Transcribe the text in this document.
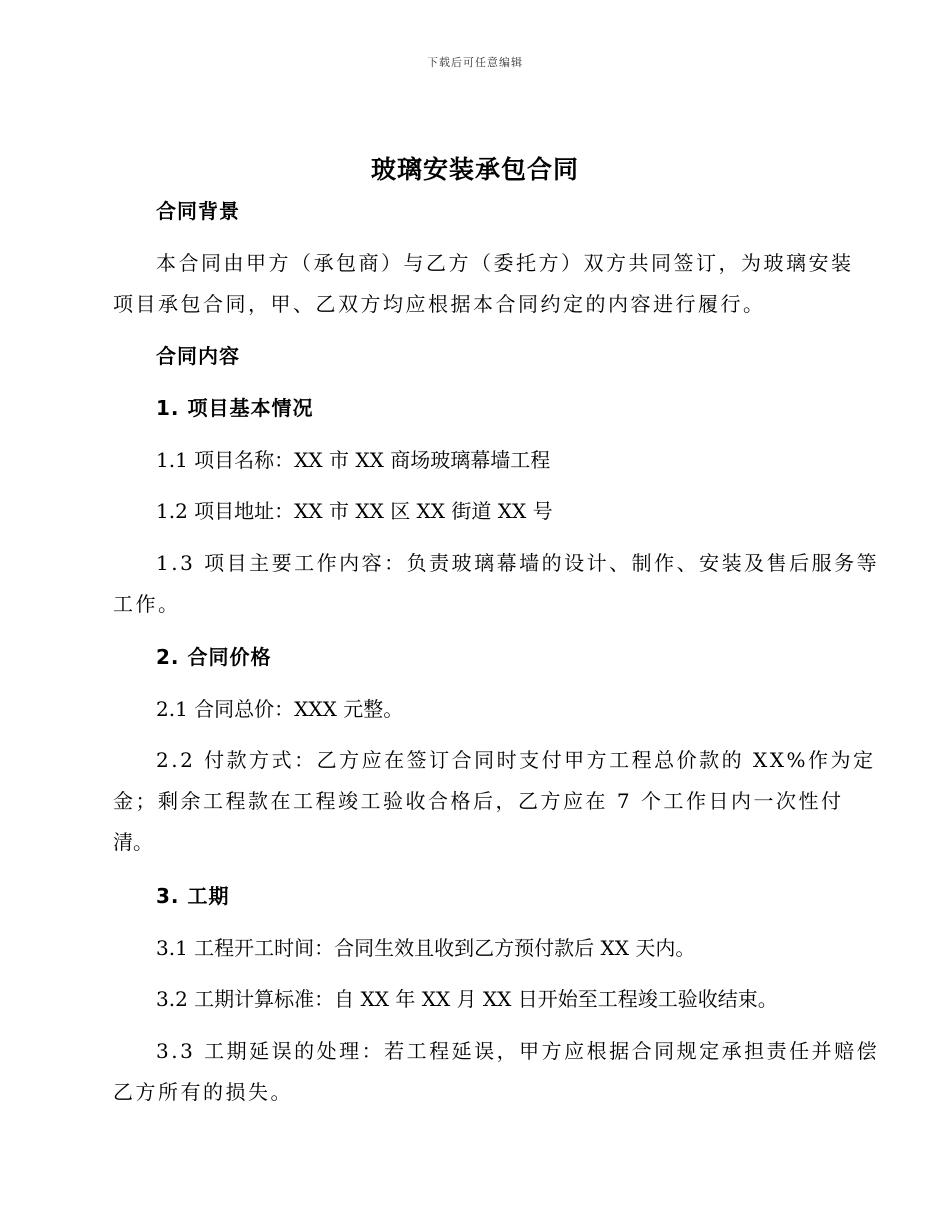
下载后可任意编辑
玻璃安装承包合同
合同背景
本合同由甲方（承包商）与乙方（委托方）双方共同签订，为玻璃安装
项目承包合同，甲、乙双方均应根据本合同约定的内容进行履行。
合同内容
1. 项目基本情况
1.1 项目名称：XX 市 XX 商场玻璃幕墙工程
1.2 项目地址：XX 市 XX 区 XX 街道 XX 号
1.3 项目主要工作内容：负责玻璃幕墙的设计、制作、安装及售后服务等
工作。
2. 合同价格
2.1 合同总价：XXX 元整。
2.2 付款方式：乙方应在签订合同时支付甲方工程总价款的 XX%作为定
金；剩余工程款在工程竣工验收合格后，乙方应在 7 个工作日内一次性付
清。
3. 工期
3.1 工程开工时间：合同生效且收到乙方预付款后 XX 天内。
3.2 工期计算标准：自 XX 年 XX 月 XX 日开始至工程竣工验收结束。
3.3 工期延误的处理：若工程延误，甲方应根据合同规定承担责任并赔偿
乙方所有的损失。
